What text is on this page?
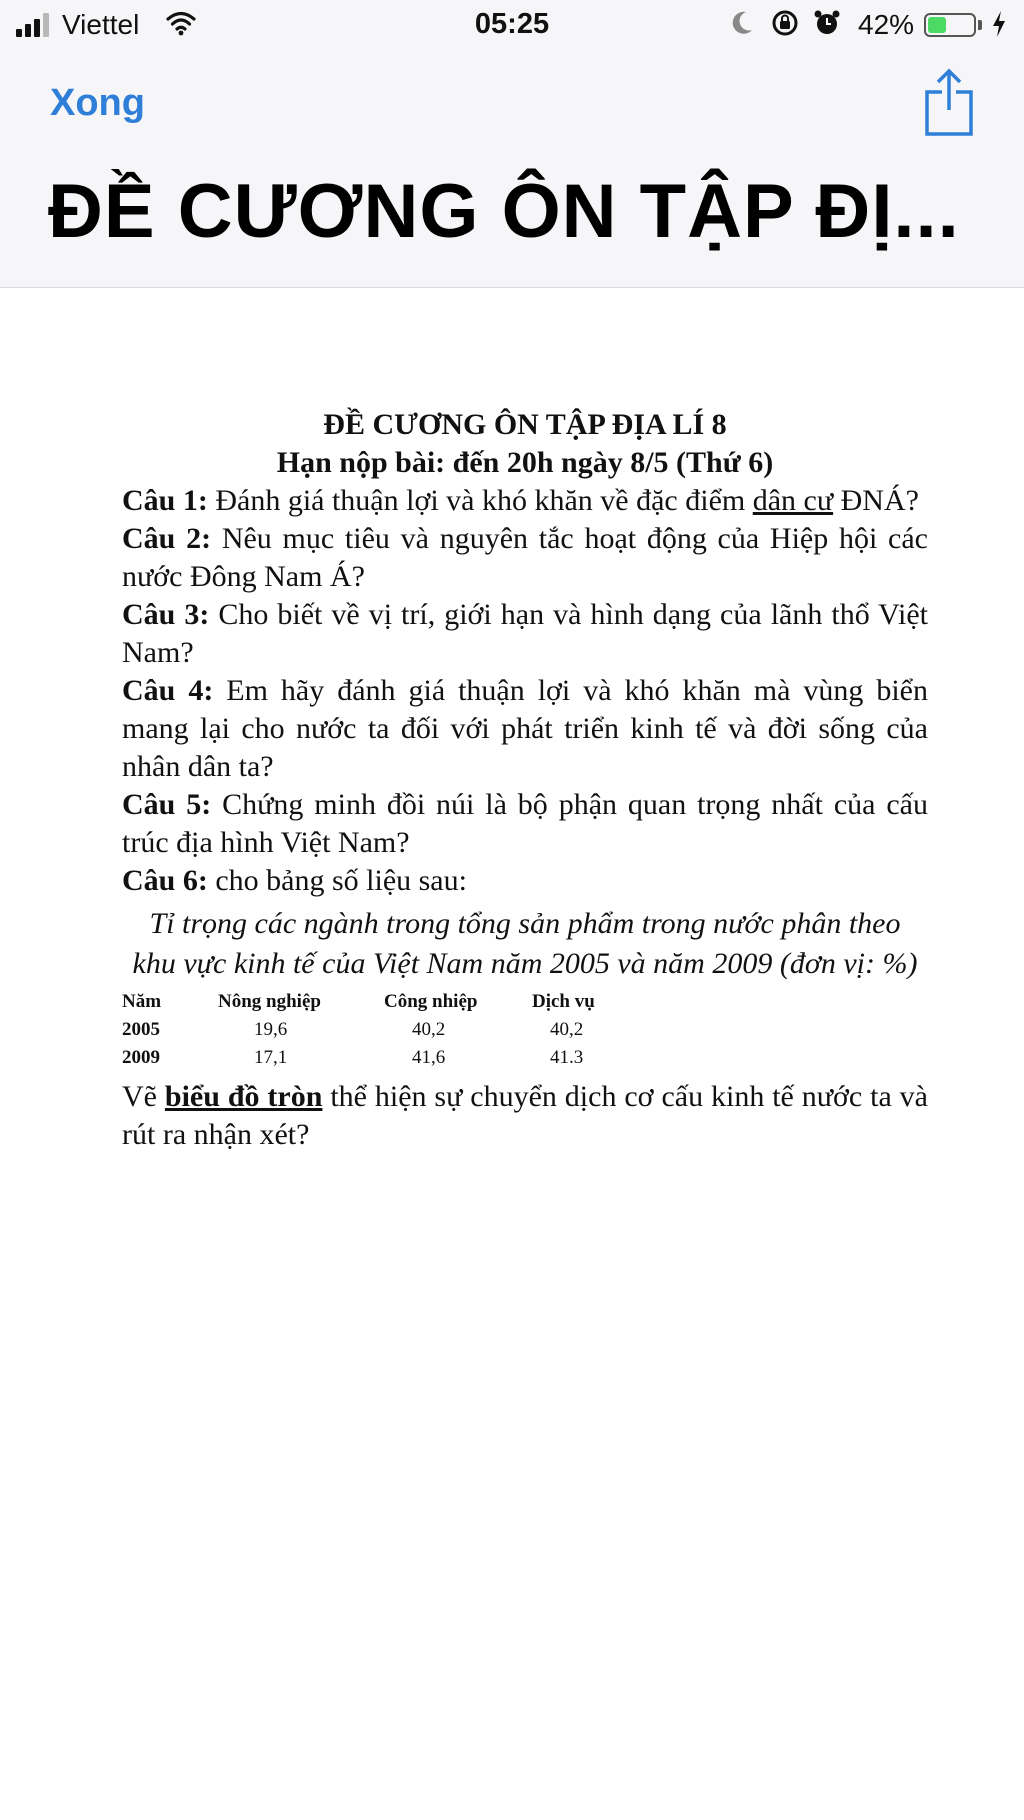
Viettel	05:25	42%
Xong
ĐỀ CƯƠNG ÔN TẬP ĐỊ...
ĐỀ CƯƠNG ÔN TẬP ĐỊA LÍ 8
Hạn nộp bài: đến 20h ngày 8/5 (Thứ 6)
Câu 1: Đánh giá thuận lợi và khó khăn về đặc điểm dân cư ĐNÁ?
Câu 2: Nêu mục tiêu và nguyên tắc hoạt động của Hiệp hội các nước Đông Nam Á?
Câu 3: Cho biết về vị trí, giới hạn và hình dạng của lãnh thổ Việt Nam?
Câu 4: Em hãy đánh giá thuận lợi và khó khăn mà vùng biển mang lại cho nước ta đối với phát triển kinh tế và đời sống của nhân dân ta?
Câu 5: Chứng minh đồi núi là bộ phận quan trọng nhất của cấu trúc địa hình Việt Nam?
Câu 6: cho bảng số liệu sau:
Tỉ trọng các ngành trong tổng sản phẩm trong nước phân theo khu vực kinh tế của Việt Nam năm 2005 và năm 2009 (đơn vị: %)
Năm	Nông nghiệp	Công nhiệp	Dịch vụ
2005	19,6	40,2	40,2
2009	17,1	41,6	41.3
Vẽ biểu đồ tròn thể hiện sự chuyển dịch cơ cấu kinh tế nước ta và rút ra nhận xét?
